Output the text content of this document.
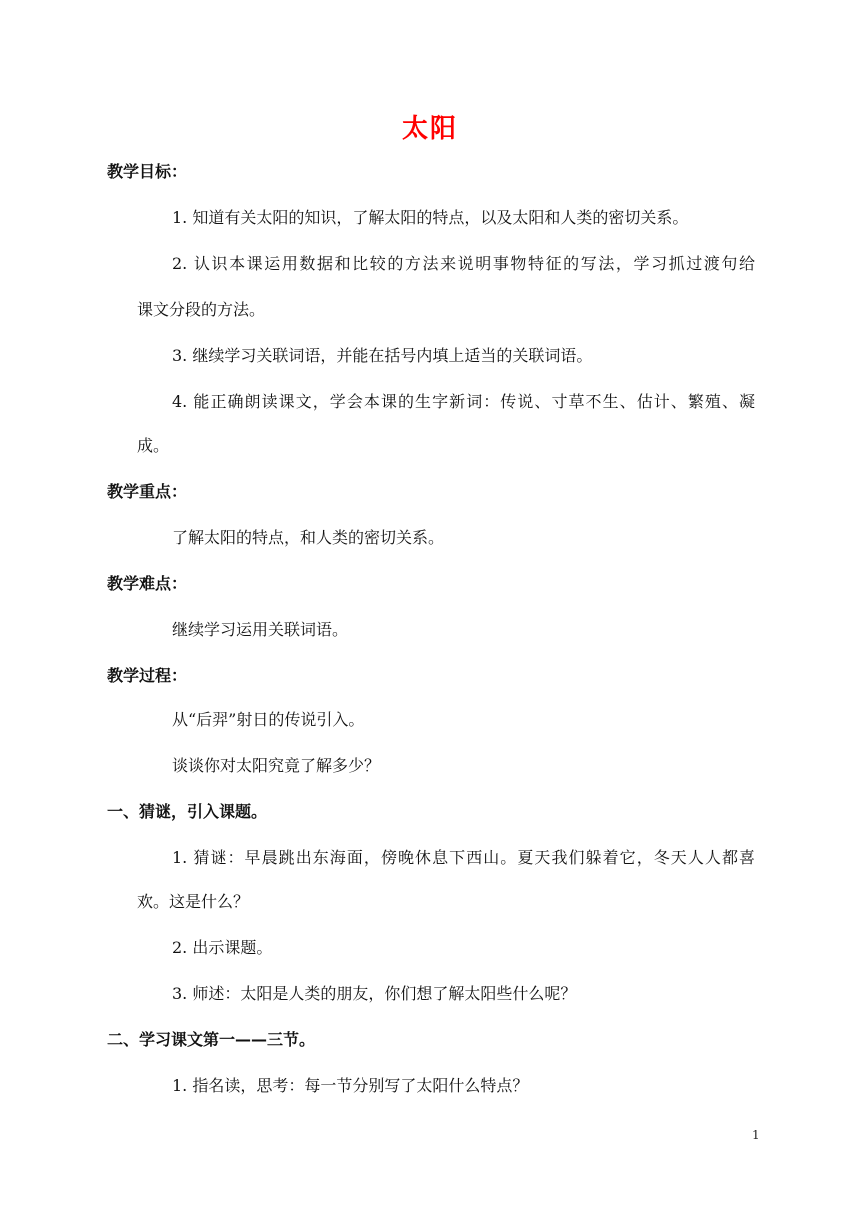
太阳
教学目标：
1. 知道有关太阳的知识，了解太阳的特点，以及太阳和人类的密切关系。
2. 认识本课运用数据和比较的方法来说明事物特征的写法，学习抓过渡句给
课文分段的方法。
3. 继续学习关联词语，并能在括号内填上适当的关联词语。
4. 能正确朗读课文，学会本课的生字新词：传说、寸草不生、估计、繁殖、凝
成。
教学重点：
了解太阳的特点，和人类的密切关系。
教学难点：
继续学习运用关联词语。
教学过程：
从“后羿”射日的传说引入。
谈谈你对太阳究竟了解多少？
一、猜谜，引入课题。
1. 猜谜：早晨跳出东海面，傍晚休息下西山。夏天我们躲着它，冬天人人都喜
欢。这是什么？
2. 出示课题。
3. 师述：太阳是人类的朋友，你们想了解太阳些什么呢？
二、学习课文第一——三节。
1. 指名读，思考：每一节分别写了太阳什么特点？
1
